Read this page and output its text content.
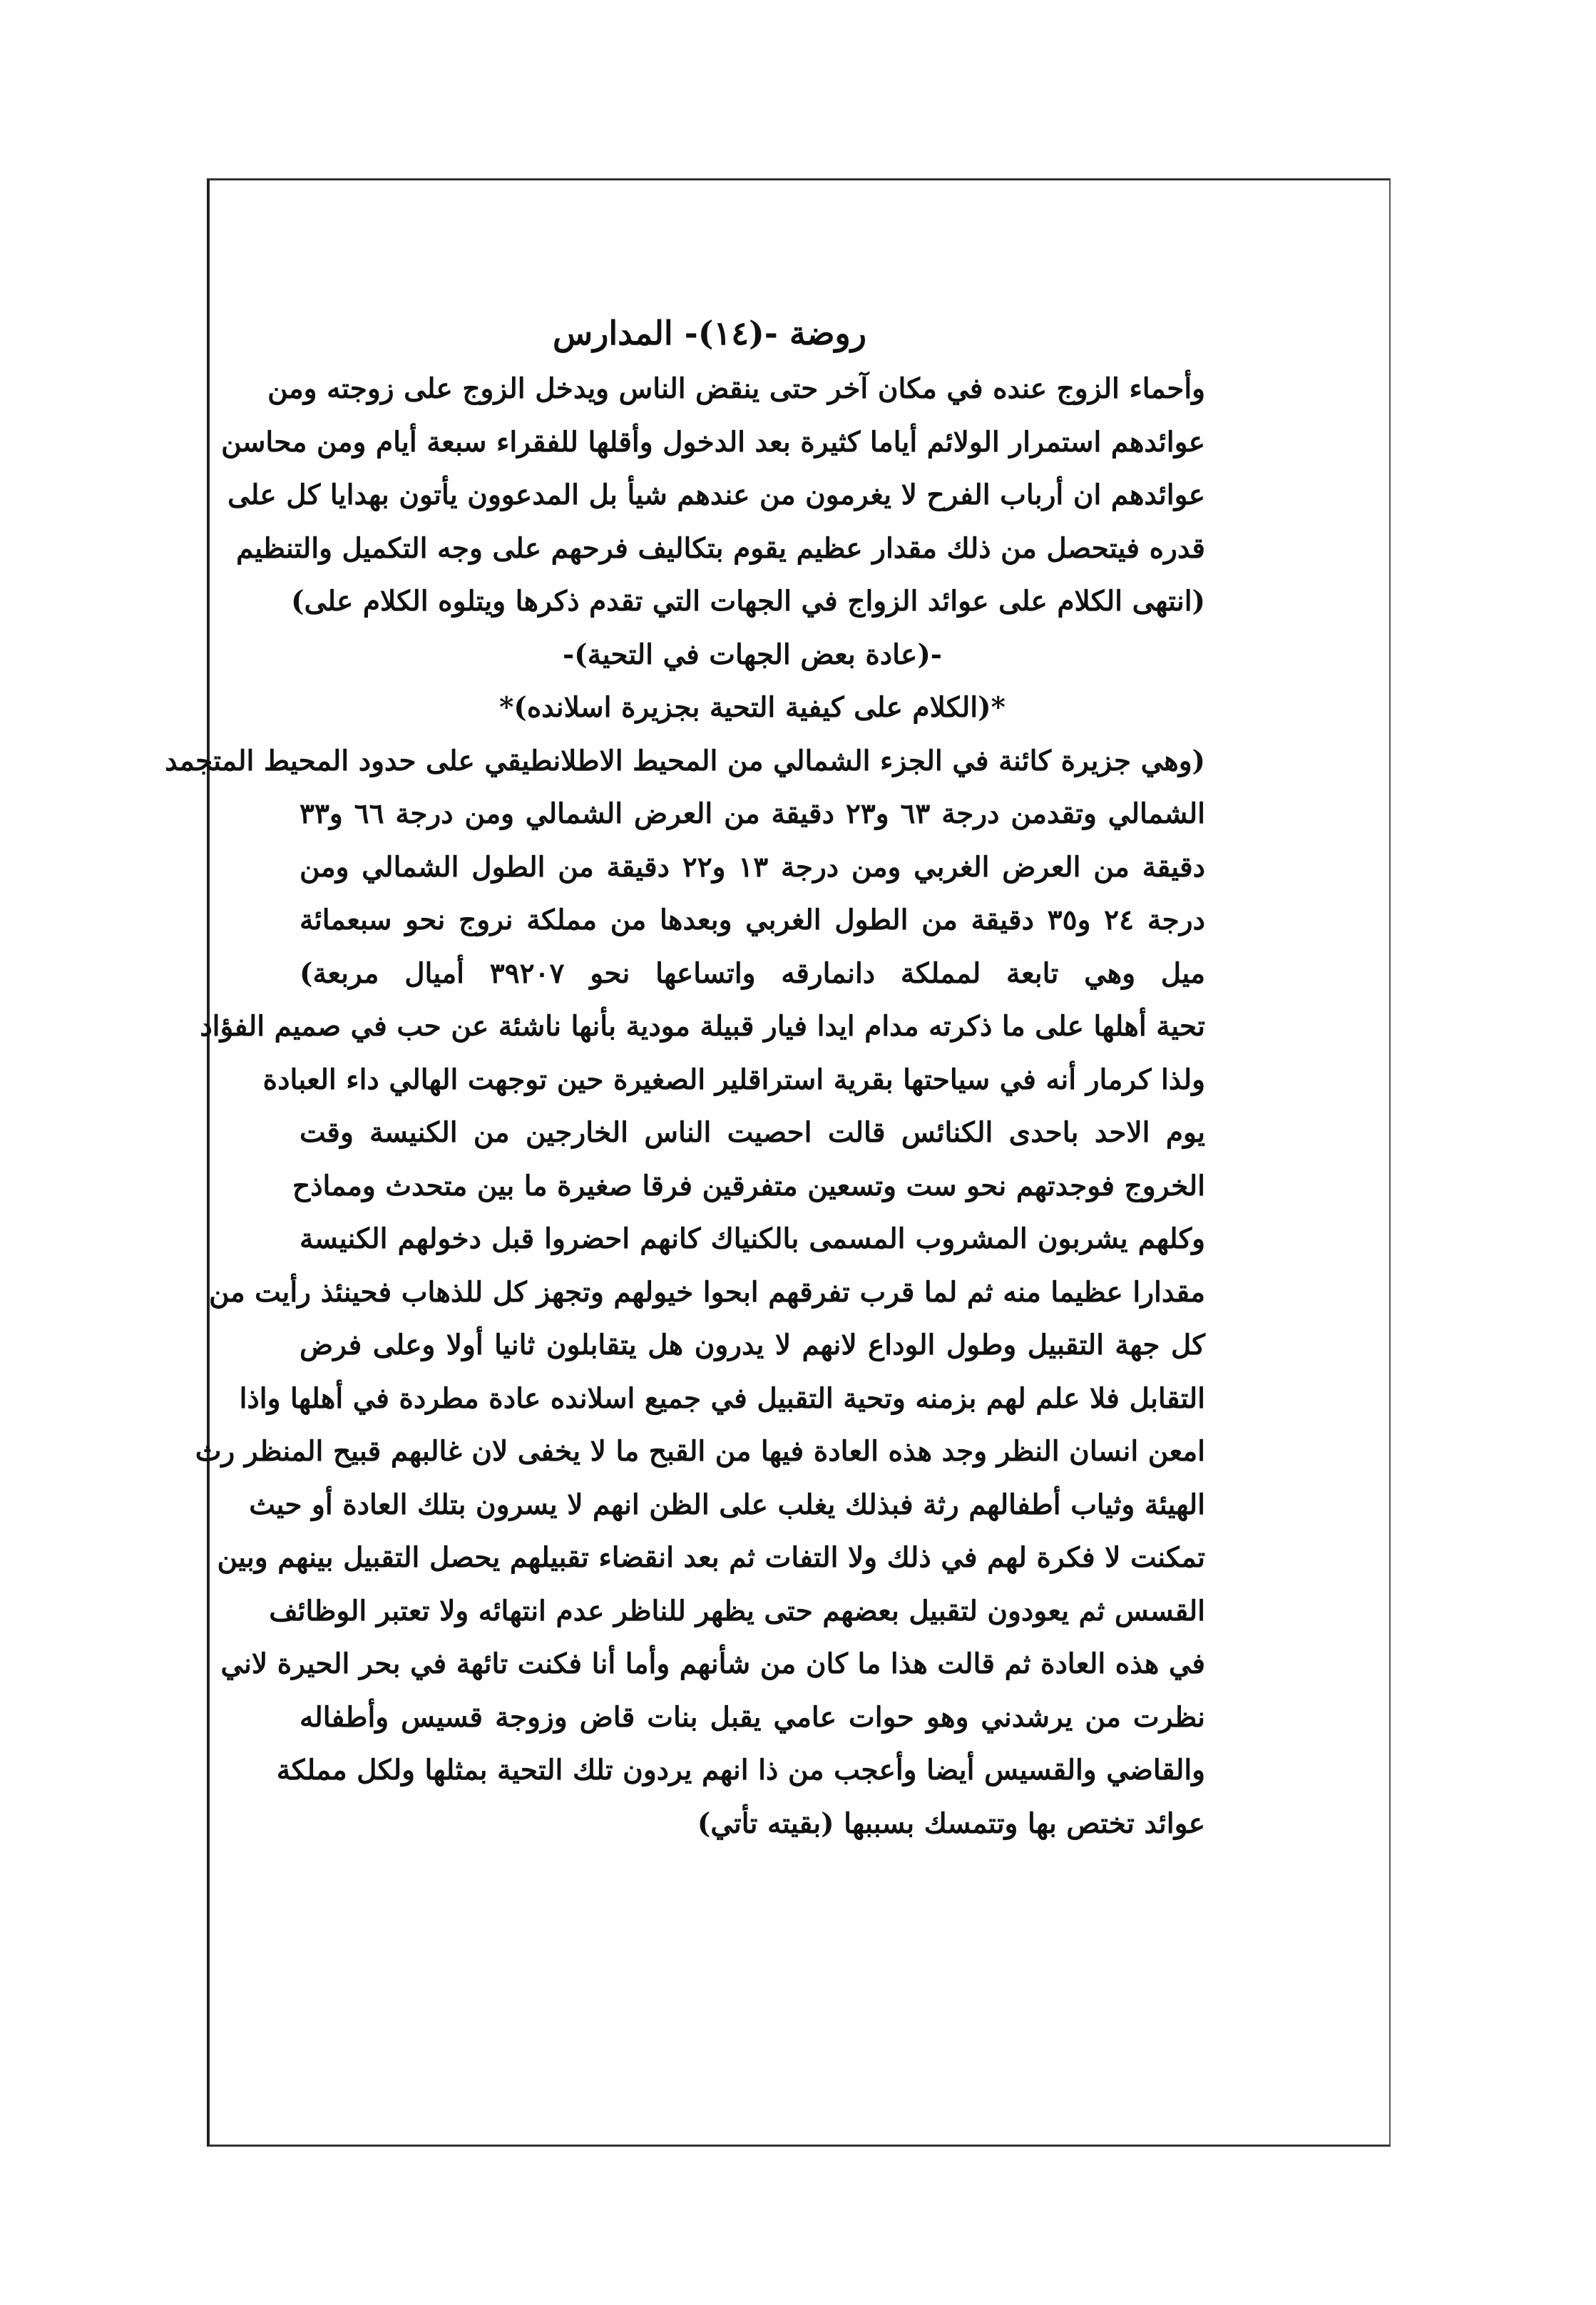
روضة -(١٤)- المدارس
وأحماء الزوج عنده في مكان آخر حتى ينقض الناس ويدخل الزوج على زوجته ومن
عوائدهم استمرار الولائم أياما كثيرة بعد الدخول وأقلها للفقراء سبعة أيام ومن محاسن
عوائدهم ان أرباب الفرح لا يغرمون من عندهم شيأ بل المدعوون يأتون بهدايا كل على
قدره فيتحصل من ذلك مقدار عظيم يقوم بتكاليف فرحهم على وجه التكميل والتنظيم
(انتهى الكلام على عوائد الزواج في الجهات التي تقدم ذكرها ويتلوه الكلام على)
-(عادة بعض الجهات في التحية)-
*(الكلام على كيفية التحية بجزيرة اسلانده)*
(وهي جزيرة كائنة في الجزء الشمالي من المحيط الاطلانطيقي على حدود المحيط المتجمد
الشمالي وتقدمن درجة ٦٣ و٢٣ دقيقة من العرض الشمالي ومن درجة ٦٦ و٣٣
دقيقة من العرض الغربي ومن درجة ١٣ و٢٢ دقيقة من الطول الشمالي ومن
درجة ٢٤ و٣٥ دقيقة من الطول الغربي وبعدها من مملكة نروج نحو سبعمائة
ميل وهي تابعة لمملكة دانمارقه واتساعها نحو ٣٩٢٠٧ أميال مربعة)
تحية أهلها على ما ذكرته مدام ايدا فيار قبيلة مودية بأنها ناشئة عن حب في صميم الفؤاد
ولذا كرمار أنه في سياحتها بقرية استراقلير الصغيرة حين توجهت الهالي داء العبادة
يوم الاحد باحدى الكنائس قالت احصيت الناس الخارجين من الكنيسة وقت
الخروج فوجدتهم نحو ست وتسعين متفرقين فرقا صغيرة ما بين متحدث ومماذح
وكلهم يشربون المشروب المسمى بالكنياك كانهم احضروا قبل دخولهم الكنيسة
مقدارا عظيما منه ثم لما قرب تفرقهم ابحوا خيولهم وتجهز كل للذهاب فحينئذ رأيت من
كل جهة التقبيل وطول الوداع لانهم لا يدرون هل يتقابلون ثانيا أولا وعلى فرض
التقابل فلا علم لهم بزمنه وتحية التقبيل في جميع اسلانده عادة مطردة في أهلها واذا
امعن انسان النظر وجد هذه العادة فيها من القبح ما لا يخفى لان غالبهم قبيح المنظر رث
الهيئة وثياب أطفالهم رثة فبذلك يغلب على الظن انهم لا يسرون بتلك العادة أو حيث
تمكنت لا فكرة لهم في ذلك ولا التفات ثم بعد انقضاء تقبيلهم يحصل التقبيل بينهم وبين
القسس ثم يعودون لتقبيل بعضهم حتى يظهر للناظر عدم انتهائه ولا تعتبر الوظائف
في هذه العادة ثم قالت هذا ما كان من شأنهم وأما أنا فكنت تائهة في بحر الحيرة لاني
نظرت من يرشدني وهو حوات عامي يقبل بنات قاض وزوجة قسيس وأطفاله
والقاضي والقسيس أيضا وأعجب من ذا انهم يردون تلك التحية بمثلها ولكل مملكة
عوائد تختص بها وتتمسك بسببها (بقيته تأتي)
